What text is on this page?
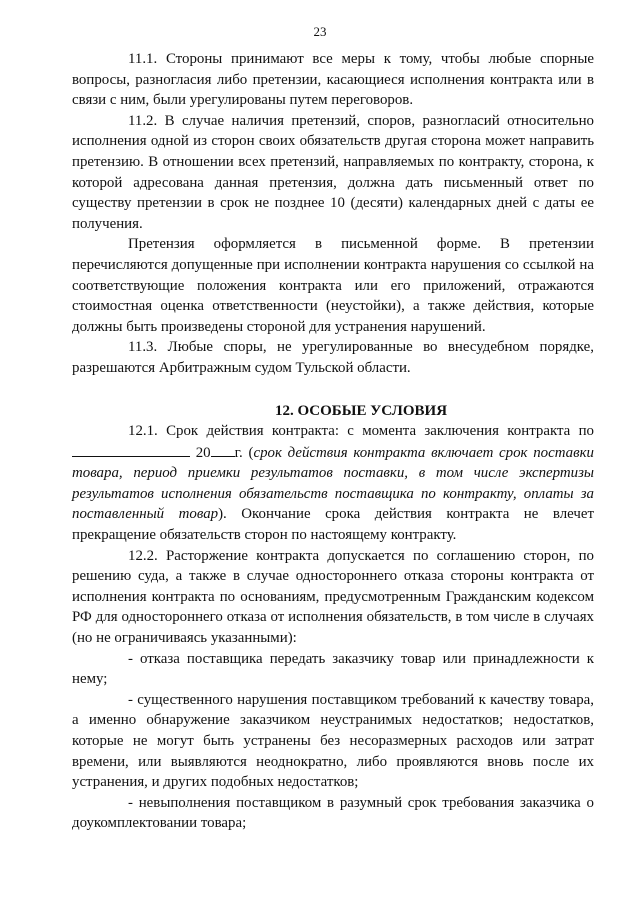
23

11.1. Стороны принимают все меры к тому, чтобы любые спорные вопросы, разногласия либо претензии, касающиеся исполнения контракта или в связи с ним, были урегулированы путем переговоров.

11.2. В случае наличия претензий, споров, разногласий относительно исполнения одной из сторон своих обязательств другая сторона может направить претензию. В отношении всех претензий, направляемых по контракту, сторона, к которой адресована данная претензия, должна дать письменный ответ по существу претензии в срок не позднее 10 (десяти) календарных дней с даты ее получения.

Претензия оформляется в письменной форме. В претензии перечисляются допущенные при исполнении контракта нарушения со ссылкой на соответствующие положения контракта или его приложений, отражаются стоимостная оценка ответственности (неустойки), а также действия, которые должны быть произведены стороной для устранения нарушений.

11.3. Любые споры, не урегулированные во внесудебном порядке, разрешаются Арбитражным судом Тульской области.

12. ОСОБЫЕ УСЛОВИЯ

12.1. Срок действия контракта: с момента заключения контракта по  20 г. (срок действия контракта включает срок поставки товара, период приемки результатов поставки, в том числе экспертизы результатов исполнения обязательств поставщика по контракту, оплаты за поставленный товар). Окончание срока действия контракта не влечет прекращение обязательств сторон по настоящему контракту.

12.2. Расторжение контракта допускается по соглашению сторон, по решению суда, а также в случае одностороннего отказа стороны контракта от исполнения контракта по основаниям, предусмотренным Гражданским кодексом РФ для одностороннего отказа от исполнения обязательств, в том числе в случаях (но не ограничиваясь указанными):

- отказа поставщика передать заказчику товар или принадлежности к нему;

- существенного нарушения поставщиком требований к качеству товара, а именно обнаружение заказчиком неустранимых недостатков; недостатков, которые не могут быть устранены без несоразмерных расходов или затрат времени, или выявляются неоднократно, либо проявляются вновь после их устранения, и других подобных недостатков;

- невыполнения поставщиком в разумный срок требования заказчика о доукомплектовании товара;
